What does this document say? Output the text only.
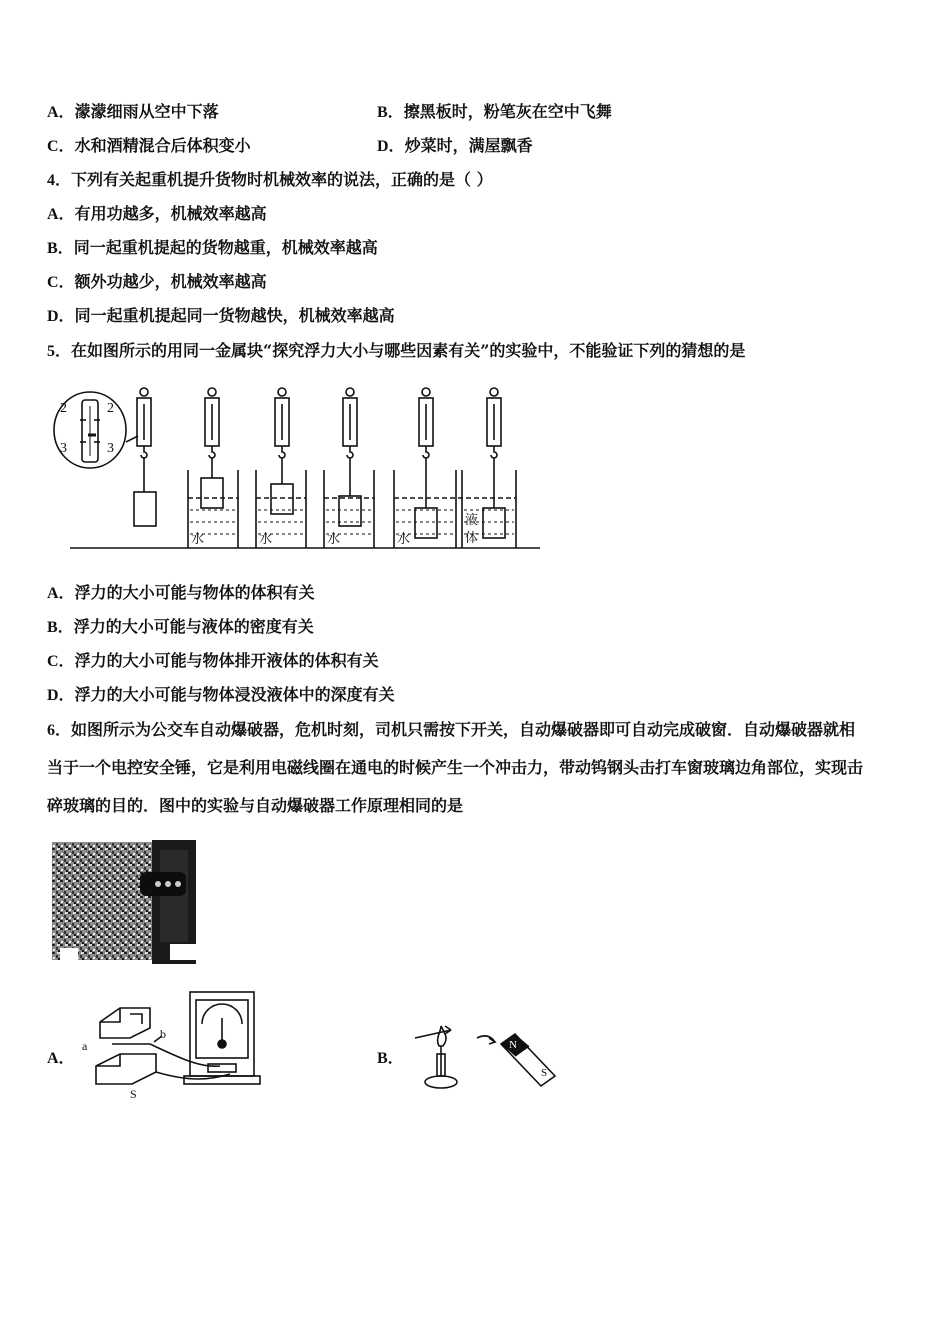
A．濛濛细雨从空中下落	B．擦黑板时，粉笔灰在空中飞舞
C．水和酒精混合后体积变小	D．炒菜时，满屋飘香
4．下列有关起重机提升货物时机械效率的说法，正确的是（ ）
A．有用功越多，机械效率越高
B．同一起重机提起的货物越重，机械效率越高
C．额外功越少，机械效率越高
D．同一起重机提起同一货物越快，机械效率越高
5．在如图所示的用同一金属块“探究浮力大小与哪些因素有关”的实验中，不能验证下列的猜想的是
2	2
3	3
水	水	水	水
液
体
A．浮力的大小可能与物体的体积有关
B．浮力的大小可能与液体的密度有关
C．浮力的大小可能与物体排开液体的体积有关
D．浮力的大小可能与物体浸没液体中的深度有关
6．如图所示为公交车自动爆破器，危机时刻，司机只需按下开关，自动爆破器即可自动完成破窗．自动爆破器就相
当于一个电控安全锤，它是利用电磁线圈在通电的时候产生一个冲击力，带动钨钢头击打车窗玻璃边角部位，实现击
碎玻璃的目的．图中的实验与自动爆破器工作原理相同的是
A．
a
b
S
B．
N
S
